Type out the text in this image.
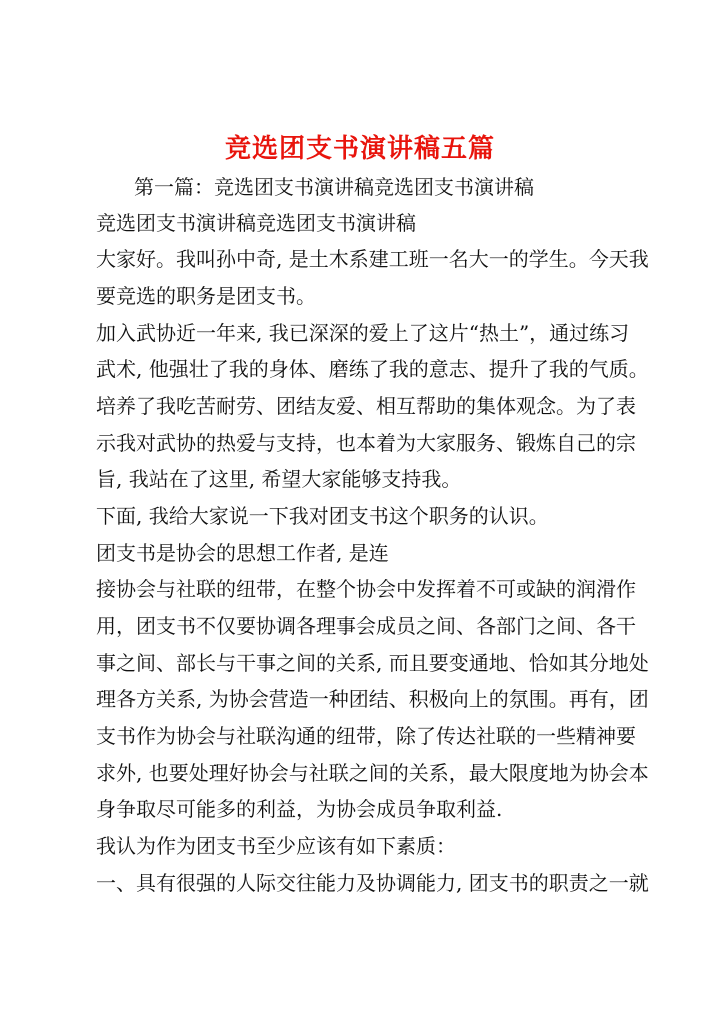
竞选团支书演讲稿五篇
第一篇：竞选团支书演讲稿竞选团支书演讲稿
竞选团支书演讲稿竞选团支书演讲稿
大家好。我叫孙中奇, 是土木系建工班一名大一的学生。今天我
要竞选的职务是团支书。
加入武协近一年来, 我已深深的爱上了这片“热土”，通过练习
武术, 他强壮了我的身体、磨练了我的意志、提升了我的气质。
培养了我吃苦耐劳、团结友爱、相互帮助的集体观念。为了表
示我对武协的热爱与支持，也本着为大家服务、锻炼自己的宗
旨, 我站在了这里, 希望大家能够支持我。
下面, 我给大家说一下我对团支书这个职务的认识。
团支书是协会的思想工作者, 是连
接协会与社联的纽带，在整个协会中发挥着不可或缺的润滑作
用，团支书不仅要协调各理事会成员之间、各部门之间、各干
事之间、部长与干事之间的关系, 而且要变通地、恰如其分地处
理各方关系, 为协会营造一种团结、积极向上的氛围。再有，团
支书作为协会与社联沟通的纽带，除了传达社联的一些精神要
求外, 也要处理好协会与社联之间的关系，最大限度地为协会本
身争取尽可能多的利益，为协会成员争取利益.
我认为作为团支书至少应该有如下素质：
一、具有很强的人际交往能力及协调能力, 团支书的职责之一就
